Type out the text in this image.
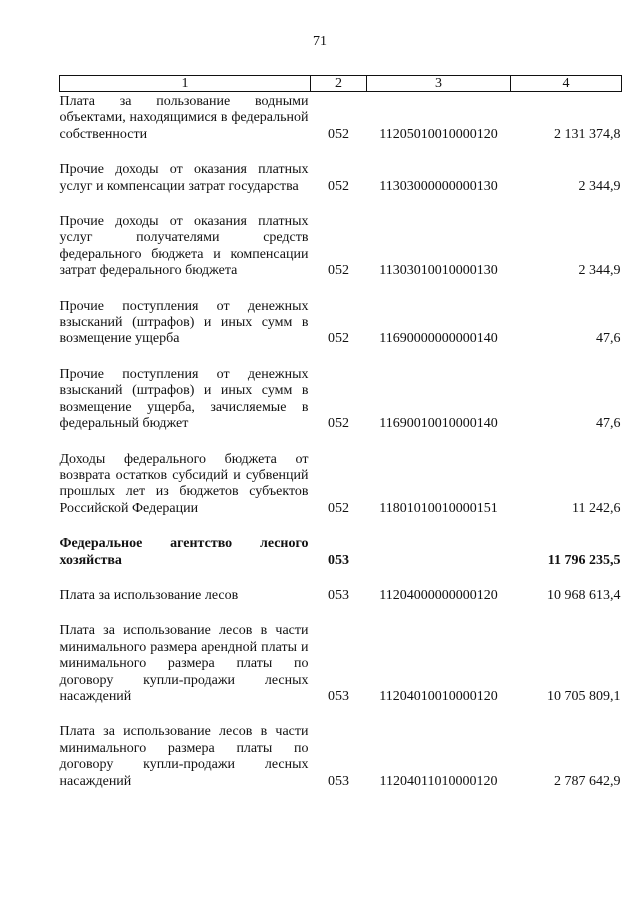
71
1	2	3	4
Плата за пользование водными объектами, находящимися в федеральной собственности	052	11205010010000120	2 131 374,8
Прочие доходы от оказания платных услуг и компенсации затрат государства	052	11303000000000130	2 344,9
Прочие доходы от оказания платных услуг получателями средств федерального бюджета и компенсации затрат федерального бюджета	052	11303010010000130	2 344,9
Прочие поступления от денежных взысканий (штрафов) и иных сумм в возмещение ущерба	052	11690000000000140	47,6
Прочие поступления от денежных взысканий (штрафов) и иных сумм в возмещение ущерба, зачисляемые в федеральный бюджет	052	11690010010000140	47,6
Доходы федерального бюджета от возврата остатков субсидий и субвенций прошлых лет из бюджетов субъектов Российской Федерации	052	11801010010000151	11 242,6
Федеральное агентство лесного хозяйства	053		11 796 235,5
Плата за использование лесов	053	11204000000000120	10 968 613,4
Плата за использование лесов в части минимального размера арендной платы и минимального размера платы по договору купли-продажи лесных насаждений	053	11204010010000120	10 705 809,1
Плата за использование лесов в части минимального размера платы по договору купли-продажи лесных насаждений	053	11204011010000120	2 787 642,9
